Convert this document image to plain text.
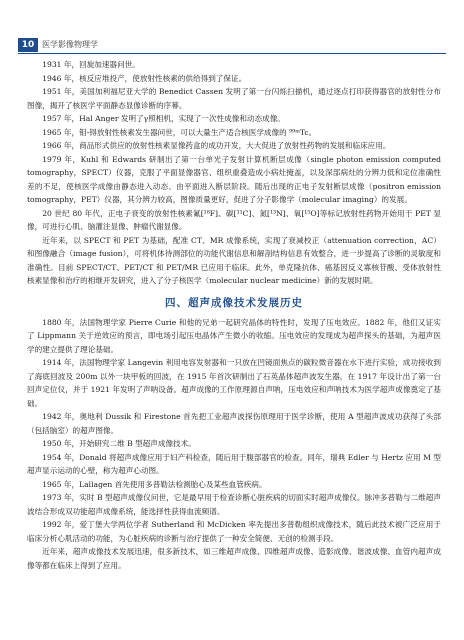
10 医学影像物理学

1931 年，回旋加速器问世。

1946 年，核反应堆投产，使放射性核素的供给得到了保证。

1951 年，美国加利福尼亚大学的 Benedict Cassen 发明了第一台闪烁扫描机，通过逐点打印获得器官的放射性分布图像，揭开了核医学平面静态显像诊断的序幕。

1957 年，Hal Anger 发明了γ照相机，实现了一次性成像和动态成像。

1965 年，钼-锝放射性核素发生器问世，可以大量生产适合核医学成像的 ⁹⁹ᵐTc。

1966 年，商品形式供应的放射性核素显像药盒的成功开发，大大促进了放射性药物的发展和临床应用。

1979 年，Kuhl 和 Edwards 研制出了第一台单光子发射计算机断层成像（single photon emission computed tomography，SPECT）仪器，克服了平面显像器官、组织重叠造成小病灶掩盖，以及深部病灶的分辨力低和定位准确性差的不足，使核医学成像由静态进入动态、由平面进入断层阶段。随后出现的正电子发射断层成像（positron emission tomography，PET）仪器，其分辨力较高，图像质量更好，促进了分子影像学（molecular imaging）的发展。

20 世纪 80 年代，正电子衰变的放射性核素氟[¹⁸F]、碳[¹¹C]、氮[¹³N]、氧[¹⁵O]等标记放射性药物开始用于 PET 显像，可进行心肌、脑灌注显像、肿瘤代谢显像。

近年来，以 SPECT 和 PET 为基础，配准 CT、MR 成像系统，实现了衰减校正（attenuation correction，AC）和图像融合（image fusion），可将机体待测部位的功能代谢信息和解剖结构信息有效整合，进一步提高了诊断的灵敏度和准确性。目前 SPECT/CT、PET/CT 和 PET/MR 已应用于临床。此外，单克隆抗体、癌基因反义寡核苷酸、受体放射性核素显像和治疗的相继开发研究，进入了分子核医学（molecular nuclear medicine）新的发展时期。

四、超声成像技术发展历史

1880 年，法国物理学家 Pierre Curie 和他的兄弟一起研究晶体的特性时，发现了压电效应。1882 年，他们又证实了 Lippmann 关于逆效应的预言，即电场引起压电晶体产生微小的收缩。压电效应的发现成为超声探头的基础，为超声医学的建立提供了理论基础。

1914 年，法国物理学家 Langevin 利用电容发射器和一只放在凹镜面焦点的碳粒微音器在水下进行实验，成功接收到了海底回波及 200m 以外一块甲板的回波，在 1915 年首次研制出了石英晶体超声波发生器，在 1917 年设计出了第一台回声定位仪，并于 1921 年发明了声呐设备。超声成像的工作原理源自声呐，压电效应和声呐技术为医学超声成像奠定了基础。

1942 年，奥地利 Dussik 和 Firestone 首先把工业超声波探伤原理用于医学诊断，使用 A 型超声波成功获得了头部（包括脑室）的超声图像。

1950 年，开始研究二维 B 型超声成像技术。

1954 年，Donald 将超声成像应用于妇产科检查，随后用于腹部器官的检查。同年，瑞典 Edler 与 Hertz 应用 M 型超声显示运动的心壁，称为超声心动图。

1965 年，Lallagen 首先使用多普勒法检测胎心及某些血管疾病。

1973 年，实时 B 型超声成像仪问世，它是最早用于检查诊断心脏疾病的切面实时超声成像仪。脉冲多普勒与二维超声波结合形成双功能超声成像系统，能选择性获得血流频谱。

1992 年，爱丁堡大学两位学者 Sutherland 和 McDicken 率先提出多普勒组织成像技术，随后此技术被广泛应用于临床分析心肌活动的功能，为心脏疾病的诊断与治疗提供了一种安全简便、无创的检测手段。

近年来，超声成像技术发展迅速，很多新技术，如三维超声成像、四维超声成像、造影成像、谐波成像、血管内超声成像等都在临床上得到了应用。
